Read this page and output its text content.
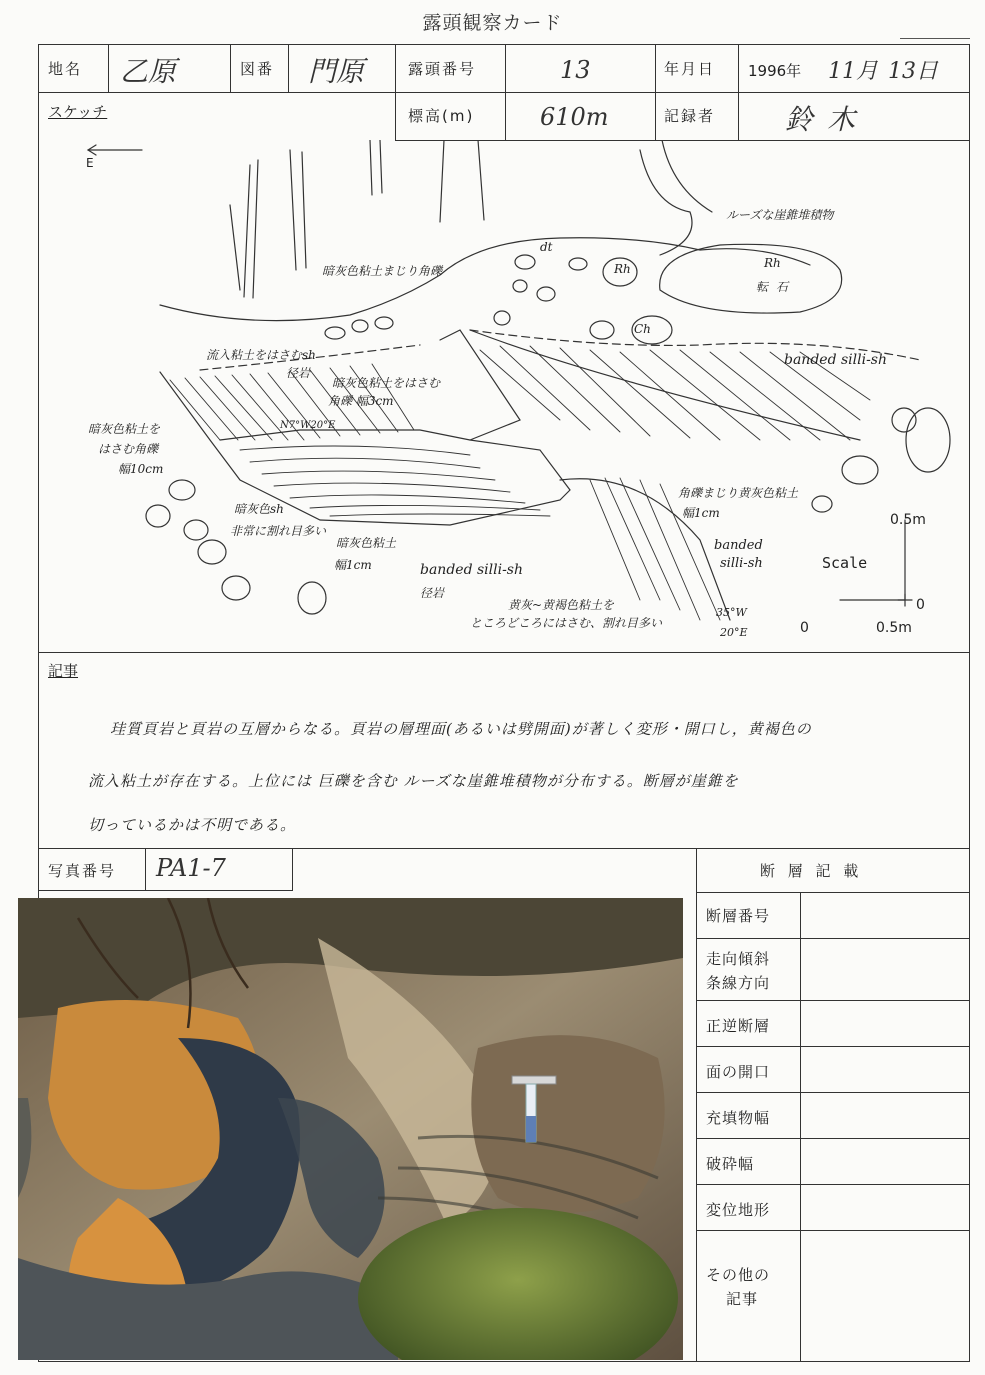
露頭観察カード
地名 乙原	図番 門原	露頭番号	13	年月日 1996年 11月 13日
スケッチ	標高(m)	610m	記録者 鈴木
E
ルーズな崖錐堆積物
dt
Rh	Rh
転石
Ch
暗灰色粘土まじり角礫
流入粘土をはさむsh
径岩
暗灰色粘土をはさむ
角礫 幅3cm
N7°W20°E
banded silli-sh
暗灰色粘土を
はさむ角礫
幅10cm
暗灰色sh
非常に割れ目多い
暗灰色粘土
幅1cm
角礫まじり黄灰色粘土
幅1cm
banded silli-sh
径岩
黄灰~黄褐色粘土を
ところどころにはさむ、割れ目多い
banded
silli-sh
35°W
20°E
Scale
0.5m
0
0	0.5m
記事
珪質頁岩と頁岩の互層からなる。頁岩の層理面(あるいは劈開面)が著しく変形・開口し，黄褐色の
流入粘土が存在する。上位には 巨礫を含む ルーズな崖錐堆積物が分布する。断層が崖錐を
切っているかは不明である。
写真番号 PA1-7	断 層 記 載
断層番号
走向傾斜
条線方向
正逆断層
面の開口
充填物幅
破砕幅
変位地形
その他の
記事
